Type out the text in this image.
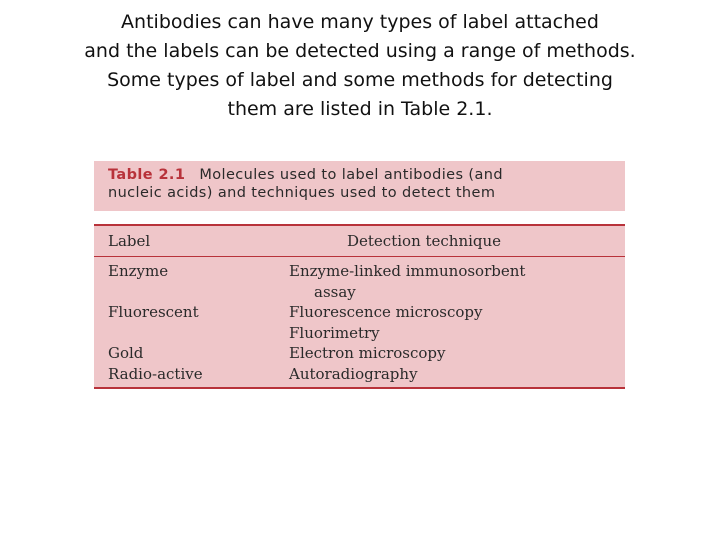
Antibodies can have many types of label attached
and the labels can be detected using a range of methods.
Some types of label and some methods for detecting
them are listed in Table 2.1.
Table 2.1 Molecules used to label antibodies (and
nucleic acids) and techniques used to detect them
Label	Detection technique
Enzyme	Enzyme-linked immunosorbent
assay
Fluorescent	Fluorescence microscopy
Fluorimetry
Gold	Electron microscopy
Radio-active	Autoradiography
